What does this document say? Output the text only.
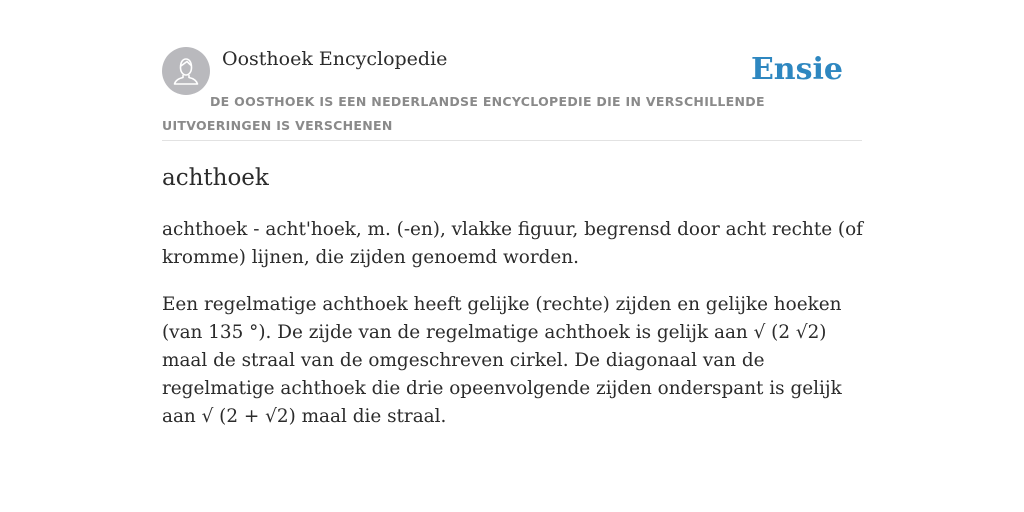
Oosthoek Encyclopedie	Ensie
DE OOSTHOEK IS EEN NEDERLANDSE ENCYCLOPEDIE DIE IN VERSCHILLENDE UITVOERINGEN IS VERSCHENEN
achthoek

achthoek - acht'hoek, m. (-en), vlakke figuur, begrensd door acht rechte (of kromme) lijnen, die zijden genoemd worden.

Een regelmatige achthoek heeft gelijke (rechte) zijden en gelijke hoeken (van 135 °). De zijde van de regelmatige achthoek is gelijk aan √ (2 √2) maal de straal van de omgeschreven cirkel. De diagonaal van de regelmatige achthoek die drie opeenvolgende zijden onderspant is gelijk aan √ (2 + √2) maal die straal.
